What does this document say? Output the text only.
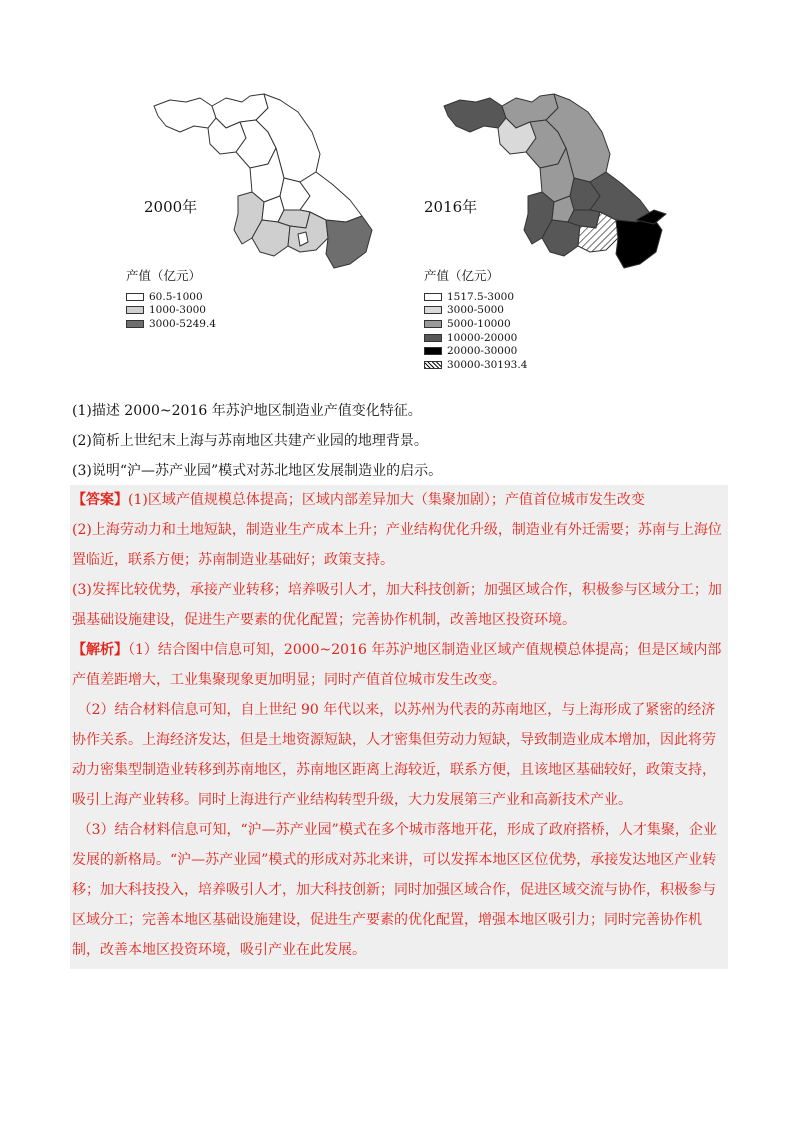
2000年
产值（亿元）
60.5-1000
1000-3000
3000-5249.4
2016年
产值（亿元）
1517.5-3000
3000-5000
5000-10000
10000-20000
20000-30000
30000-30193.4
(1)描述 2000~2016 年苏沪地区制造业产值变化特征。
(2)简析上世纪末上海与苏南地区共建产业园的地理背景。
(3)说明“沪—苏产业园”模式对苏北地区发展制造业的启示。

【答案】(1)区域产值规模总体提高；区域内部差异加大（集聚加剧）；产值首位城市发生改变

(2)上海劳动力和土地短缺，制造业生产成本上升；产业结构优化升级，制造业有外迁需要；苏南与上海位置临近，联系方便；苏南制造业基础好；政策支持。

(3)发挥比较优势，承接产业转移；培养吸引人才，加大科技创新；加强区域合作，积极参与区域分工；加强基础设施建设，促进生产要素的优化配置；完善协作机制，改善地区投资环境。

【解析】（1）结合图中信息可知，2000~2016 年苏沪地区制造业区域产值规模总体提高；但是区域内部产值差距增大，工业集聚现象更加明显；同时产值首位城市发生改变。

（2）结合材料信息可知，自上世纪 90 年代以来，以苏州为代表的苏南地区，与上海形成了紧密的经济协作关系。上海经济发达，但是土地资源短缺，人才密集但劳动力短缺，导致制造业成本增加，因此将劳动力密集型制造业转移到苏南地区，苏南地区距离上海较近，联系方便，且该地区基础较好，政策支持，吸引上海产业转移。同时上海进行产业结构转型升级，大力发展第三产业和高新技术产业。

（3）结合材料信息可知，“沪—苏产业园”模式在多个城市落地开花，形成了政府搭桥，人才集聚，企业发展的新格局。“沪—苏产业园”模式的形成对苏北来讲，可以发挥本地区区位优势，承接发达地区产业转移；加大科技投入，培养吸引人才，加大科技创新；同时加强区域合作，促进区域交流与协作，积极参与区域分工；完善本地区基础设施建设，促进生产要素的优化配置，增强本地区吸引力；同时完善协作机制，改善本地区投资环境，吸引产业在此发展。
